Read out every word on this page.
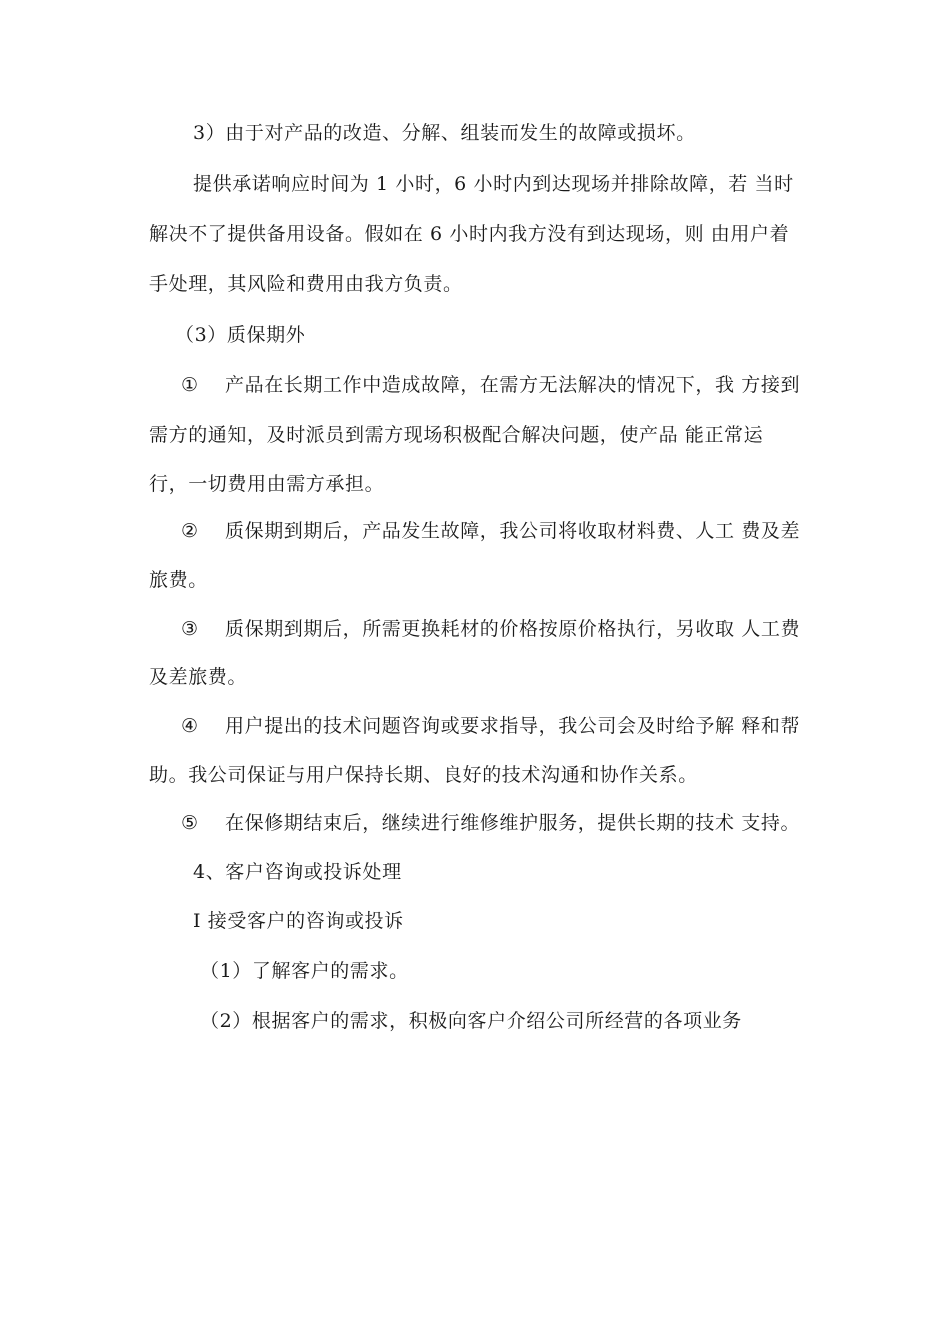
3）由于对产品的改造、分解、组装而发生的故障或损坏。
提供承诺响应时间为 1 小时，6 小时内到达现场并排除故障，若 当时
解决不了提供备用设备。假如在 6 小时内我方没有到达现场，则 由用户着
手处理，其风险和费用由我方负责。
（3）质保期外
① 产品在长期工作中造成故障，在需方无法解决的情况下，我 方接到
需方的通知，及时派员到需方现场积极配合解决问题，使产品 能正常运
行，一切费用由需方承担。
② 质保期到期后，产品发生故障，我公司将收取材料费、人工 费及差
旅费。
③ 质保期到期后，所需更换耗材的价格按原价格执行，另收取 人工费
及差旅费。
④ 用户提出的技术问题咨询或要求指导，我公司会及时给予解 释和帮
助。我公司保证与用户保持长期、良好的技术沟通和协作关系。
⑤ 在保修期结束后，继续进行维修维护服务，提供长期的技术 支持。
4、客户咨询或投诉处理
I 接受客户的咨询或投诉
（1）了解客户的需求。
（2）根据客户的需求，积极向客户介绍公司所经营的各项业务
